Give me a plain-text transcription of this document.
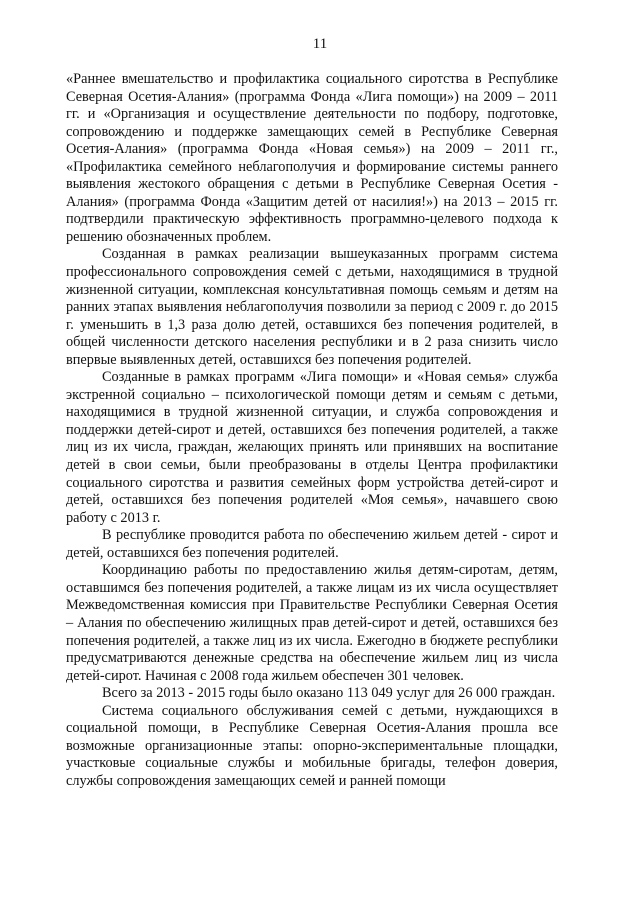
11

«Раннее вмешательство и профилактика социального сиротства в Республике Северная Осетия-Алания» (программа Фонда «Лига помощи») на 2009 – 2011 гг. и «Организация и осуществление деятельности по подбору, подготовке, сопровождению и поддержке замещающих семей в Республике Северная Осетия-Алания» (программа Фонда «Новая семья») на 2009 – 2011 гг., «Профилактика семейного неблагополучия и формирование системы раннего выявления жестокого обращения с детьми в Республике Северная Осетия - Алания» (программа Фонда «Защитим детей от насилия!») на 2013 – 2015 гг. подтвердили практическую эффективность программно-целевого подхода к решению обозначенных проблем.

Созданная в рамках реализации вышеуказанных программ система профессионального сопровождения семей с детьми, находящимися в трудной жизненной ситуации, комплексная консультативная помощь семьям и детям на ранних этапах выявления неблагополучия позволили за период с 2009 г. до 2015 г. уменьшить в 1,3 раза долю детей, оставшихся без попечения родителей, в общей численности детского населения республики и в 2 раза снизить число впервые выявленных детей, оставшихся без попечения родителей.

Созданные в рамках программ «Лига помощи» и «Новая семья» служба экстренной социально – психологической помощи детям и семьям с детьми, находящимися в трудной жизненной ситуации, и служба сопровождения и поддержки детей-сирот и детей, оставшихся без попечения родителей, а также лиц из их числа, граждан, желающих принять или принявших на воспитание детей в свои семьи, были преобразованы в отделы Центра профилактики социального сиротства и развития семейных форм устройства детей-сирот и детей, оставшихся без попечения родителей «Моя семья», начавшего свою работу с 2013 г.

В республике проводится работа по обеспечению жильем детей - сирот и детей, оставшихся без попечения родителей.

Координацию работы по предоставлению жилья детям-сиротам, детям, оставшимся без попечения родителей, а также лицам из их числа осуществляет Межведомственная комиссия при Правительстве Республики Северная Осетия – Алания по обеспечению жилищных прав детей-сирот и детей, оставшихся без попечения родителей, а также лиц из их числа. Ежегодно в бюджете республики предусматриваются денежные средства на обеспечение жильем лиц из числа детей-сирот. Начиная с 2008 года жильем обеспечен 301 человек.

Всего за 2013 - 2015 годы было оказано 113 049 услуг для 26 000 граждан.

Система социального обслуживания семей с детьми, нуждающихся в социальной помощи, в Республике Северная Осетия-Алания прошла все возможные организационные этапы: опорно-экспериментальные площадки, участковые социальные службы и мобильные бригады, телефон доверия, службы сопровождения замещающих семей и ранней помощи
